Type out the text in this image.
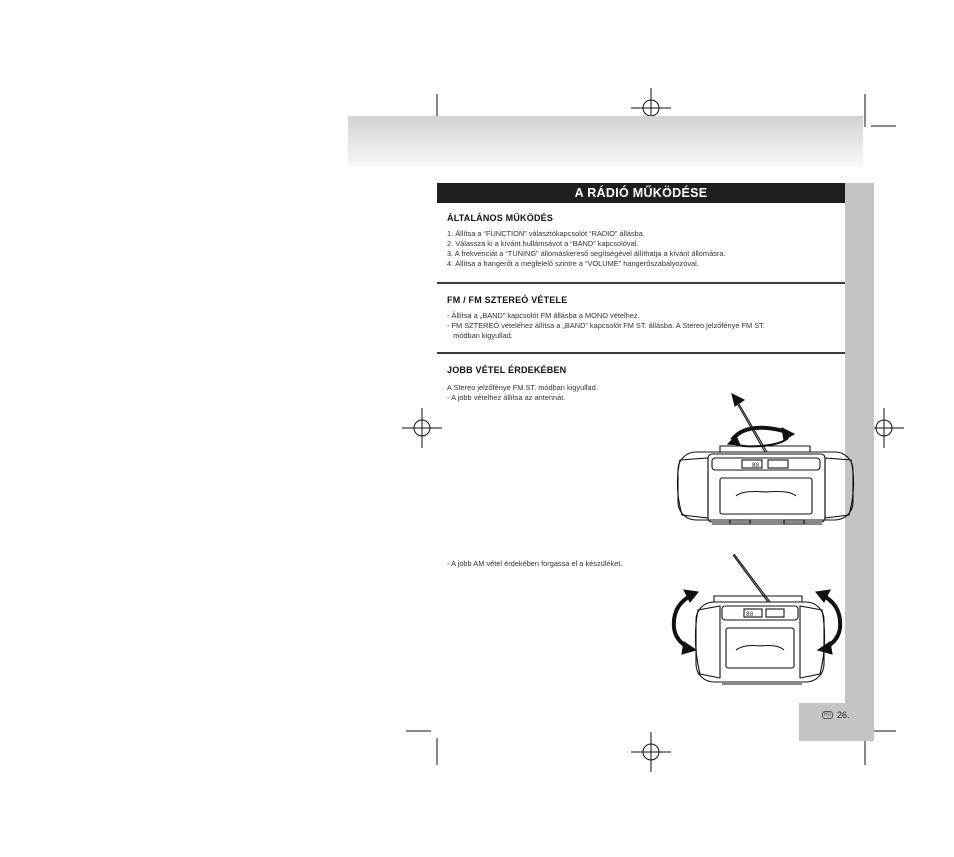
HU 26.
A RÁDIÓ MŰKÖDÉSE
ÁLTALÁNOS MŰKÖDÉS
1. Állítsa a “FUNCTION” választókapcsolót “RADIO” állásba.
2. Válassza ki a kívánt hullámsávot a “BAND” kapcsolóval.
3. A frekvenciát a “TUNING” állomáskereső segítségével állíthatja a kívánt állomásra.
4. Állítsa a hangerőt a megfelelő szintre a “VOLUME” hangerőszabályozóval.
FM / FM SZTEREÓ VÉTELE
- Állítsa a „BAND” kapcsolót FM állásba a MONO vételhez.
- FM SZTEREÓ vételéhez állítsa a „BAND” kapcsolót FM ST. állásba. A Stereo jelzőfénye FM ST.
módban kigyullad.
JOBB VÉTEL ÉRDEKÉBEN
A Stereo jelzőfénye FM ST. módban kigyullad.
- A jobb vételhez állítsa az antennát.
- A jobb AM vétel érdekében forgassa el a készüléket.
88
88
